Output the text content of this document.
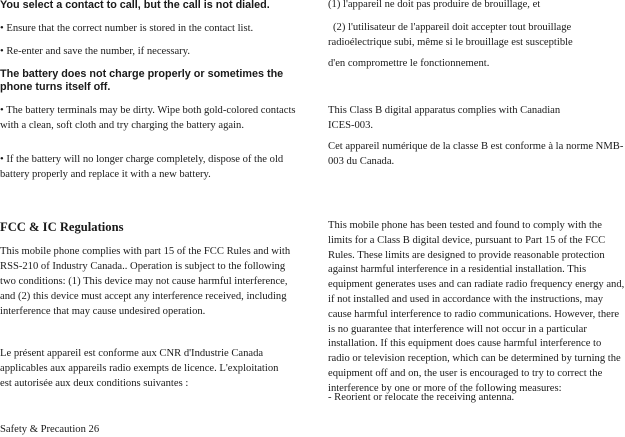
You select a contact to call, but the call is not dialed.

• Ensure that the correct number is stored in the contact list.

• Re-enter and save the number, if necessary.

The battery does not charge properly or sometimes the phone turns itself off.

• The battery terminals may be dirty. Wipe both gold-colored contacts with a clean, soft cloth and try charging the battery again.

• If the battery will no longer charge completely, dispose of the old battery properly and replace it with a new battery.

FCC & IC Regulations

This mobile phone complies with part 15 of the FCC Rules and with RSS-210 of Industry Canada.. Operation is subject to the following two conditions: (1) This device may not cause harmful interference, and (2) this device must accept any interference received, including interference that may cause undesired operation.

Le présent appareil est conforme aux CNR d'Industrie Canada applicables aux appareils radio exempts de licence. L'exploitation est autorisée aux deux conditions suivantes :

Safety & Precaution 26

(1) l'appareil ne doit pas produire de brouillage, et

(2) l'utilisateur de l'appareil doit accepter tout brouillage radioélectrique subi, même si le brouillage est susceptible

d'en compromettre le fonctionnement.

This Class B digital apparatus complies with Canadian ICES-003.

Cet appareil numérique de la classe B est conforme à la norme NMB-003 du Canada.

This mobile phone has been tested and found to comply with the limits for a Class B digital device, pursuant to Part 15 of the FCC Rules. These limits are designed to provide reasonable protection against harmful interference in a residential installation. This equipment generates uses and can radiate radio frequency energy and, if not installed and used in accordance with the instructions, may cause harmful interference to radio communications. However, there is no guarantee that interference will not occur in a particular installation. If this equipment does cause harmful interference to radio or television reception, which can be determined by turning the equipment off and on, the user is encouraged to try to correct the interference by one or more of the following measures:

- Reorient or relocate the receiving antenna.
